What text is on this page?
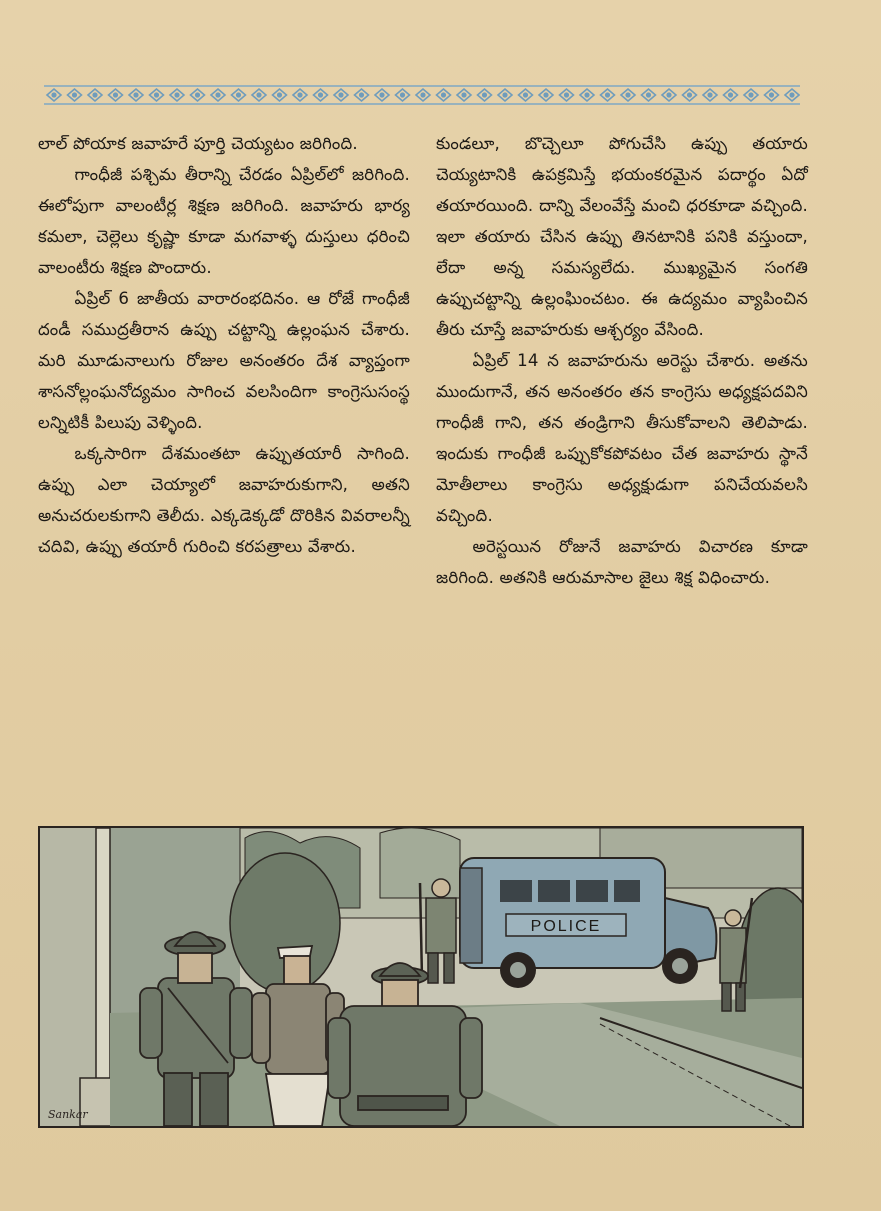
లాల్ పోయాక జవాహరే పూర్తి చెయ్యటం జరిగింది.

గాంధీజీ పశ్చిమ తీరాన్ని చేరడం ఏప్రిల్‌లో జరిగింది. ఈలోపుగా వాలంటీర్ల శిక్షణ జరిగింది. జవాహరు భార్య కమలా, చెల్లెలు కృష్ణా కూడా మగవాళ్ళ దుస్తులు ధరించి వాలంటీరు శిక్షణ పొందారు.

ఏప్రిల్ 6 జాతీయ వారారంభదినం. ఆ రోజే గాంధీజీ దండీ సముద్రతీరాన ఉప్పు చట్టాన్ని ఉల్లంఘన చేశారు. మరి మూడునాలుగు రోజుల అనంతరం దేశ వ్యాప్తంగా శాసనోల్లంఘనోద్యమం సాగించ వలసిందిగా కాంగ్రెసుసంస్థ లన్నిటికీ పిలుపు వెళ్ళింది.

ఒక్కసారిగా దేశమంతటా ఉప్పుతయారీ సాగింది. ఉప్పు ఎలా చెయ్యాలో జవాహరుకుగాని, అతని అనుచరులకుగాని తెలీదు. ఎక్కడెక్కడో దొరికిన వివరాలన్నీ చదివి, ఉప్పు తయారీ గురించి కరపత్రాలు వేశారు.

కుండలూ, బొచ్చెలూ పోగుచేసి ఉప్పు తయారు చెయ్యటానికి ఉపక్రమిస్తే భయంకరమైన పదార్థం ఏదో తయారయింది. దాన్ని వేలంవేస్తే మంచి ధరకూడా వచ్చింది. ఇలా తయారు చేసిన ఉప్పు తినటానికి పనికి వస్తుందా, లేదా అన్న సమస్యలేదు. ముఖ్యమైన సంగతి ఉప్పుచట్టాన్ని ఉల్లంఘించటం. ఈ ఉద్యమం వ్యాపించిన తీరు చూస్తే జవాహరుకు ఆశ్చర్యం వేసింది.

ఏప్రిల్ 14 న జవాహరును అరెస్టు చేశారు. అతను ముందుగానే, తన అనంతరం తన కాంగ్రెసు అధ్యక్షపదవిని గాంధీజీ గాని, తన తండ్రిగాని తీసుకోవాలని తెలిపాడు. ఇందుకు గాంధీజీ ఒప్పుకోకపోవటం చేత జవాహరు స్థానే మోతీలాలు కాంగ్రెసు అధ్యక్షుడుగా పనిచేయవలసి వచ్చింది.

అరెస్టయిన రోజునే జవాహరు విచారణ కూడా జరిగింది. అతనికి ఆరుమాసాల జైలు శిక్ష విధించారు.

POLICE
Sankar
